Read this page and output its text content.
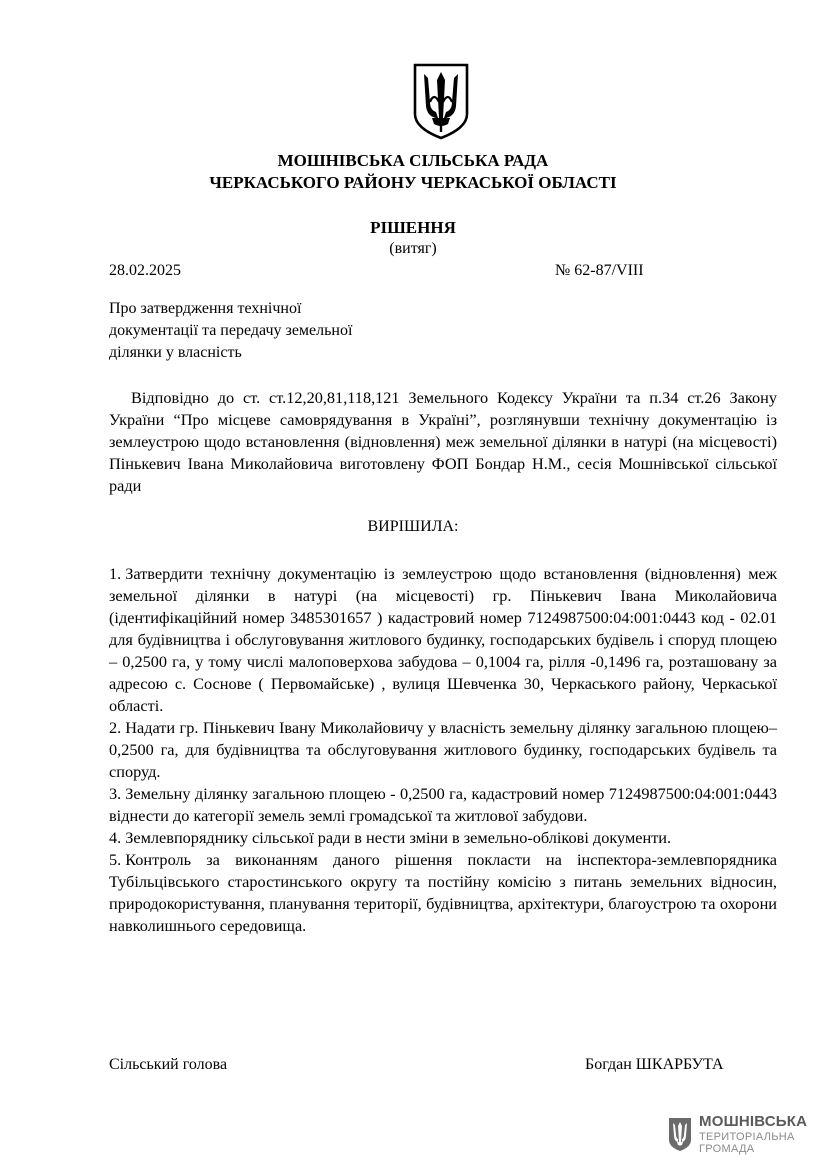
МОШНІВСЬКА СІЛЬСЬКА РАДА
ЧЕРКАСЬКОГО РАЙОНУ ЧЕРКАСЬКОЇ ОБЛАСТІ
РІШЕННЯ
(витяг)
28.02.2025	№ 62-87/VIII
Про затвердження технічної
документації та передачу земельної
ділянки у власність
Відповідно до ст. ст.12,20,81,118,121 Земельного Кодексу України та п.34 ст.26 Закону України “Про місцеве самоврядування в Україні”, розглянувши технічну документацію із землеустрою щодо встановлення (відновлення) меж земельної ділянки в натурі (на місцевості) Пінькевич Івана Миколайовича виготовлену ФОП Бондар Н.М., сесія Мошнівської сільської ради
ВИРІШИЛА:

1. Затвердити технічну документацію із землеустрою щодо встановлення (відновлення) меж земельної ділянки в натурі (на місцевості) гр. Пінькевич Івана Миколайовича (ідентифікаційний номер 3485301657 ) кадастровий номер 7124987500:04:001:0443 код - 02.01 для будівництва і обслуговування житлового будинку, господарських будівель і споруд площею – 0,2500 га, у тому числі малоповерхова забудова – 0,1004 га, рілля -0,1496 га, розташовану за адресою с. Соснове ( Первомайське) , вулиця Шевченка 30, Черкаського району, Черкаської області.

2. Надати гр. Пінькевич Івану Миколайовичу у власність земельну ділянку загальною площею– 0,2500 га, для будівництва та обслуговування житлового будинку, господарських будівель та споруд.

3. Земельну ділянку загальною площею - 0,2500 га, кадастровий номер 7124987500:04:001:0443 віднести до категорії земель землі громадської та житлової забудови.

4. Землевпоряднику сільської ради в нести зміни в земельно-облікові документи.

5. Контроль за виконанням даного рішення покласти на інспектора-землевпорядника Тубільцівського старостинського округу та постійну комісію з питань земельних відносин, природокористування, планування території, будівництва, архітектури, благоустрою та охорони навколишнього середовища.

Сільський голова	Богдан ШКАРБУТА
МОШНІВСЬКА
ТЕРИТОРІАЛЬНА
ГРОМАДА
